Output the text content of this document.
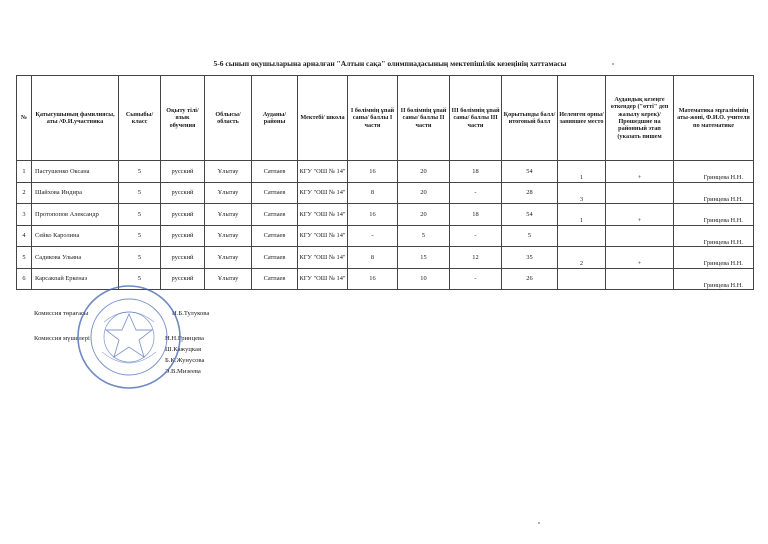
5-6 сынып оқушыларына арналған "Алтын сақа" олимпиадасының мектепішілік кезеңінің хаттамасы
№	Қатысушының фамилиясы, аты /Ф.И.участника	Сыныбы/класс	Оқыту тілі/ язык обучения	Облысы/ область	Ауданы/ районы	Мектебі/ школа	I бөлімнің ұпай саны/ баллы I части	II бөлімнің ұпай саны/ баллы II части	III бөлімнің ұпай саны/ баллы III части	Қорытынды балл/ итоговый балл	Иеленген орны/ занявшее место	Аудандық кезеңге өткендер ("өтті" деп жазылу керек)/ Прошедшие на районный этап (указать пишем	Математика мұғалімінің аты-жөні, Ф.И.О. учителя по математике
1	Пастушенко Оксана	5	русский	Ұлытау	Сатпаев	КГУ "ОШ № 14"	16	20	18	54	1	+	Гринцева Н.Н.
2	Шайхова Индира	5	русский	Ұлытау	Сатпаев	КГУ "ОШ № 14"	8	20	-	28	3		Гринцева Н.Н.
3	Протопопов Александр	5	русский	Ұлытау	Сатпаев	КГУ "ОШ № 14"	16	20	18	54	1	+	Гринцева Н.Н.
4	Сейко Каролина	5	русский	Ұлытау	Сатпаев	КГУ "ОШ № 14"	-	5	-	5			Гринцева Н.Н.
5	Садикова Ульяна	5	русский	Ұлытау	Сатпаев	КГУ "ОШ № 14"	8	15	12	35	2	+	Гринцева Н.Н.
6	Карсакпай Еркенаэ	5	русский	Ұлытау	Сатпаев	КГУ "ОШ № 14"	16	10	-	26			Гринцева Н.Н.
Комиссия төрағасы	Н.Б.Тулукова
Комиссия мүшелері	Н.Н.Гринцева
Ш.Кажуцкая
Б.К.Жунусова
Э.В.Мизеева
